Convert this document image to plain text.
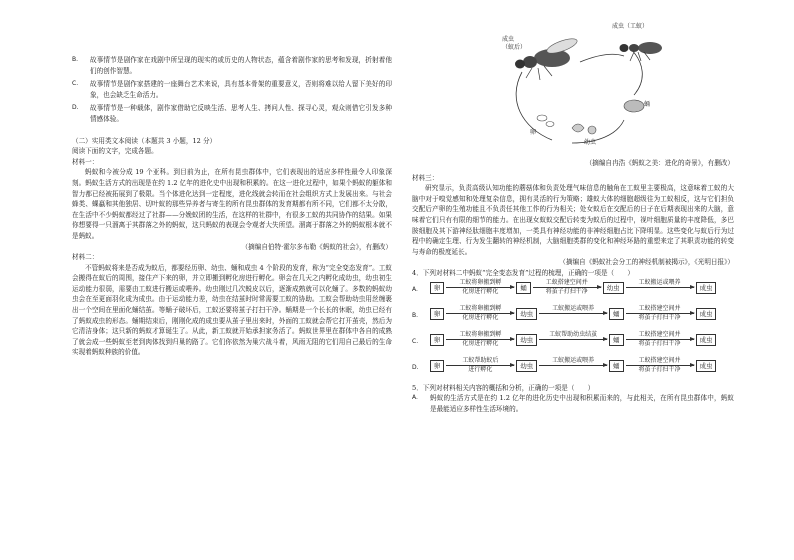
B.	故事情节是剧作家在戏剧中所呈现的现实的或历史的人物状态，蕴含着剧作家的思考和发现，折射着他们的创作智慧。
C.	故事情节是剧作家搭建的一座舞台艺术来说，具有基本骨架的重要意义，否则将难以给人留下美好的印象，也会缺乏生命活力。
D.	故事情节是一种载体，剧作家借助它反映生活、思考人生、拷问人性、探寻心灵，观众则借它引发多种情感体验。

（二）实用类文本阅读（本题共 3 小题，12 分）

阅读下面的文字，完成各题。

材料一：

蚂蚁和今被分成 19 个亚科。到目前为止，在所有昆虫群体中，它们表现出的适应多样性最令人印象深刻。蚂蚁生活方式的出现是在约 1.2 亿年的进化史中出现和积累的。在这一进化过程中，如果个蚂蚁的躯体和智力都已经被拓展到了极限。当个体进化达到一定程度，进化线就会转而在社会组织方式上发展出来。与社会蜂类、蜾蠃和其他独居、切叶蚁的那些异养者与寄生的所有昆虫群体的发育期都有所不同，它们都不太分散，在生活中不少蚂蚁都经过了社群——分娩蚁团的生活，在这样的社群中，有很多工蚁的共同协作的结果。如果你想要得一只溜离于其群落之外的蚂蚁，这只蚂蚁的表现会令观者大失所望。溜离于群落之外的蚂蚁根本就不是蚂蚁。

（摘编自伯特·霍尔多布勒《蚂蚁的社会》，有删改）

材料二：

不管蚂蚁将来是否成为蚁后，都要经历卵、幼虫、蛹和成虫 4 个阶段的发育，称为“完全变态发育”。工蚁会搬得在蚁后的周围，接住产下来的卵，并立即搬到孵化房进行孵化。卵会在几天之内孵化成幼虫，幼虫初生运动能力很弱，需要由工蚁进行搬运或喂养。幼虫刚过几次蜕皮以后，逐渐成熟就可以化蛹了。多数的蚂蚁幼虫会在至更面羽化成为成虫。由于运动能力差，幼虫在结茧时时常需要工蚁的协助。工蚁会帮助幼虫用丝缠裹出一个空间在里面化蛹结茧。等蛹子破坏后，工蚁还要将茧子打扫干净。蛹期是一个长长的休眠，幼虫已经有了蚂蚁成虫的形态。蛹期结束后，刚刚化成的成虫要从茧子里出来时，外面的工蚁就会帮它打开茧壳，然后为它清洁身体；这只新的蚂蚁才算诞生了。从此，新工蚁就开始承担家务活了。蚂蚁世界里在群体中各自的成熟了就会成一些蚂蚁至老到肉体找到归巢的路了。它们你依然为巢穴战斗着，风雨无阻的它们用自己最后的生命实现着蚂蚁种族的价值。

成虫（工蚁）
成虫
（蚁后）
卵
蛹
幼虫

（摘编自冉浩《蚂蚁之美：进化的奇景》，有删改）

材料三：

研究显示，负责高级认知功能的蘑菇体和负责处理气味信息的触角在工蚁里主要极高，这意味着工蚁的大脑中对于嗅觉感知和处理复杂信息，拥有灵活的行为策略；雄蚁大体的细胞超级往为工蚁相反，这与它们担负交配后产卵的生殖功能且不负责任其他工作的行为相关；处女蚁后在交配后的日子在后期表现出来的大脑，意味着它们只有有限的细节的能力。在出现女蚁蚁交配后转变为蚁后的过程中，视叶细胞质量的丰度降低，多巴胺细胞及其下游神经肽细胞丰度增加，一类具有神经功能的非神经细胞占比下降明显。这些变化与蚁后行为过程中的确定生理、行为发生翻转的神经机制，大脑细胞类群的变化和神经环路的重塑来定了其职责功能的转变与寿命的极度延长。

（摘编自《蚂蚁社会分工的神经机制被揭示》，《光明日报》）

4．下列对材料二中蚂蚁“完全变态发育”过程的梳理，正确的一项是（　　）

A.	卵
工蚁将卵搬到孵
化房进行孵化	蛹
工蚁搭建空间并
将茧子打扫干净	幼虫
工蚁搬运或喂养
成虫
B.	卵
工蚁将卵搬到孵
化房进行孵化	幼虫
工蚁搬运或喂养
蛹
工蚁搭建空间并
将茧子打扫干净	成虫
C.	卵
工蚁将卵搬到孵
化房进行孵化	幼虫
工蚁帮助幼虫结茧
蛹
工蚁搭建空间并
将茧子打扫干净	成虫
D.	卵
工蚁帮助蚁后
进行孵化	幼虫
工蚁搬运或喂养
蛹
工蚁搭建空间并
将茧子打扫干净	成虫

5．下列对材料相关内容的概括和分析，正确的一项是（　　）

A.	蚂蚁的生活方式是在约 1.2 亿年的进化历史中出现和积累而来的，与此相关，在所有昆虫群体中，蚂蚁是最能适应多样性生活环境的。
